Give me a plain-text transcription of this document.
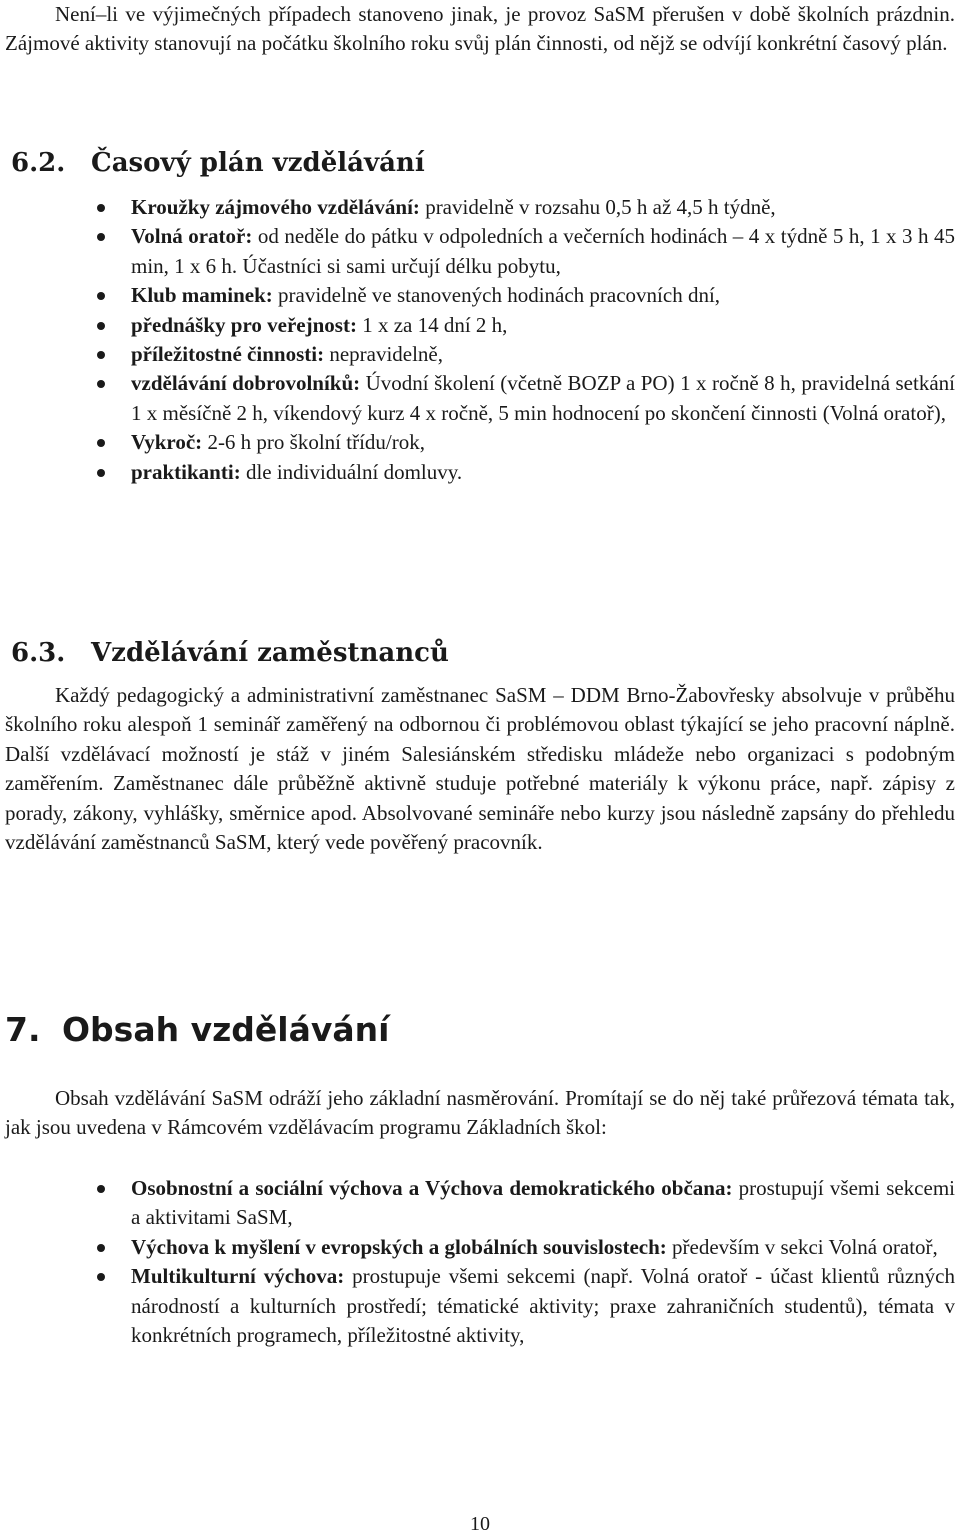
Není–li ve výjimečných případech stanoveno jinak, je provoz SaSM přerušen v době školních prázdnin. Zájmové aktivity stanovují na počátku školního roku svůj plán činnosti, od nějž se odvíjí konkrétní časový plán.

6.2. Časový plán vzdělávání
Kroužky zájmového vzdělávání: pravidelně v rozsahu 0,5 h až 4,5 h týdně,
Volná oratoř: od neděle do pátku v odpoledních a večerních hodinách – 4 x týdně 5 h, 1 x 3 h 45 min, 1 x 6 h. Účastníci si sami určují délku pobytu,
Klub maminek: pravidelně ve stanovených hodinách pracovních dní,
přednášky pro veřejnost: 1 x za 14 dní 2 h,
příležitostné činnosti: nepravidelně,
vzdělávání dobrovolníků: Úvodní školení (včetně BOZP a PO) 1 x ročně 8 h, pravidelná setkání 1 x měsíčně 2 h, víkendový kurz 4 x ročně, 5 min hodnocení po skončení činnosti (Volná oratoř),
Vykroč: 2-6 h pro školní třídu/rok,
praktikanti: dle individuální domluvy.
6.3. Vzdělávání zaměstnanců

Každý pedagogický a administrativní zaměstnanec SaSM – DDM Brno-Žabovřesky absolvuje v průběhu školního roku alespoň 1 seminář zaměřený na odbornou či problémovou oblast týkající se jeho pracovní náplně. Další vzdělávací možností je stáž v jiném Salesiánském středisku mládeže nebo organizaci s podobným zaměřením. Zaměstnanec dále průběžně aktivně studuje potřebné materiály k výkonu práce, např. zápisy z porady, zákony, vyhlášky, směrnice apod. Absolvované semináře nebo kurzy jsou následně zapsány do přehledu vzdělávání zaměstnanců SaSM, který vede pověřený pracovník.

7. Obsah vzdělávání

Obsah vzdělávání SaSM odráží jeho základní nasměrování. Promítají se do něj také průřezová témata tak, jak jsou uvedena v Rámcovém vzdělávacím programu Základních škol:

Osobnostní a sociální výchova a Výchova demokratického občana: prostupují všemi sekcemi a aktivitami SaSM,
Výchova k myšlení v evropských a globálních souvislostech: především v sekci Volná oratoř,
Multikulturní výchova: prostupuje všemi sekcemi (např. Volná oratoř - účast klientů různých národností a kulturních prostředí; tématické aktivity; praxe zahraničních studentů), témata v konkrétních programech, příležitostné aktivity,
10
